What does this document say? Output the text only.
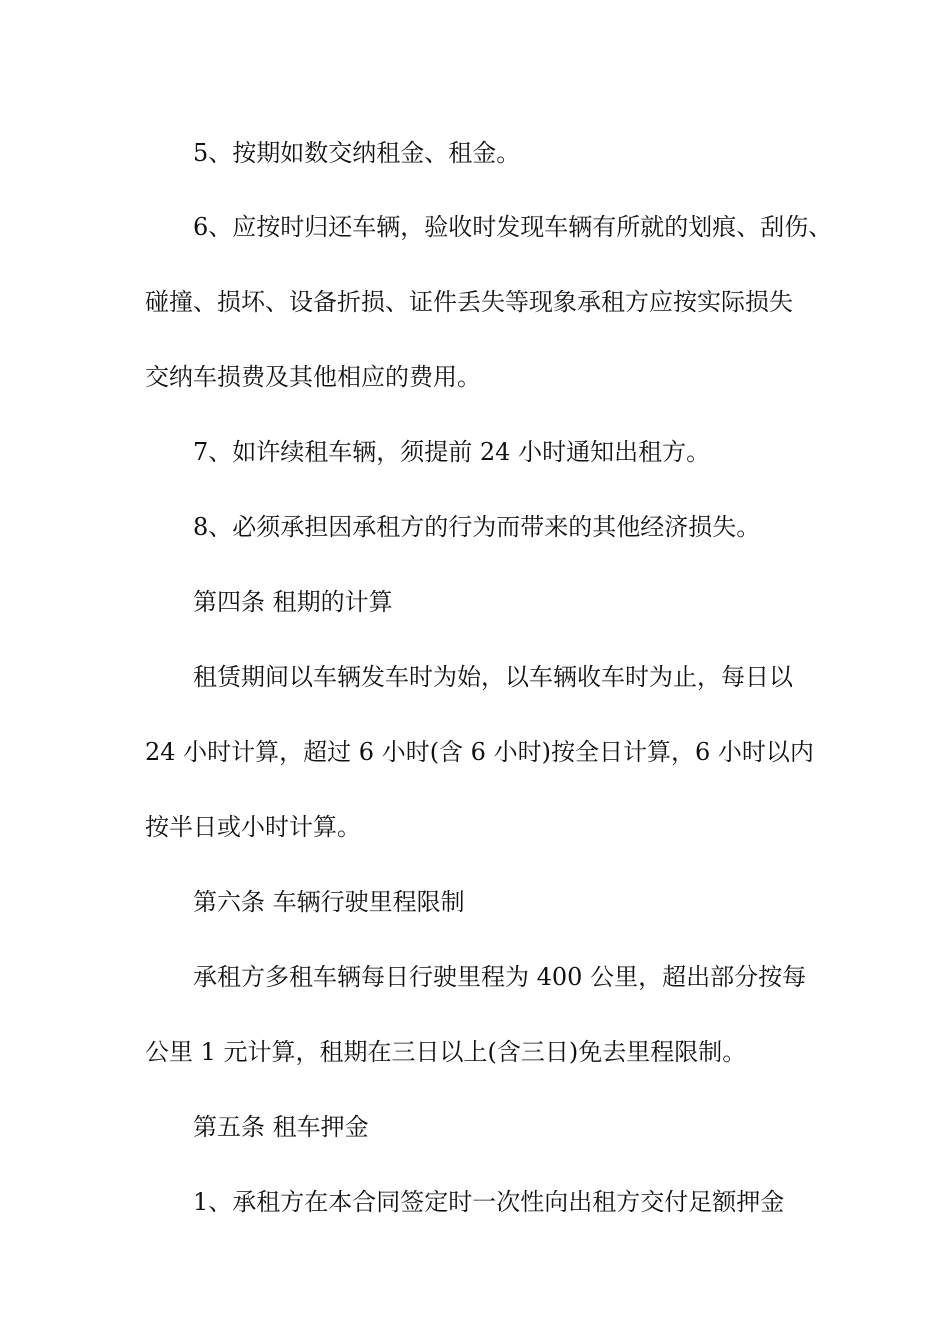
5、按期如数交纳租金、租金。
6、应按时归还车辆，验收时发现车辆有所就的划痕、刮伤、
碰撞、损坏、设备折损、证件丢失等现象承租方应按实际损失
交纳车损费及其他相应的费用。
7、如许续租车辆，须提前 24 小时通知出租方。
8、必须承担因承租方的行为而带来的其他经济损失。
第四条 租期的计算
租赁期间以车辆发车时为始，以车辆收车时为止，每日以
24 小时计算，超过 6 小时(含 6 小时)按全日计算，6 小时以内
按半日或小时计算。
第六条 车辆行驶里程限制
承租方多租车辆每日行驶里程为 400 公里，超出部分按每
公里 1 元计算，租期在三日以上(含三日)免去里程限制。
第五条 租车押金
1、承租方在本合同签定时一次性向出租方交付足额押金
